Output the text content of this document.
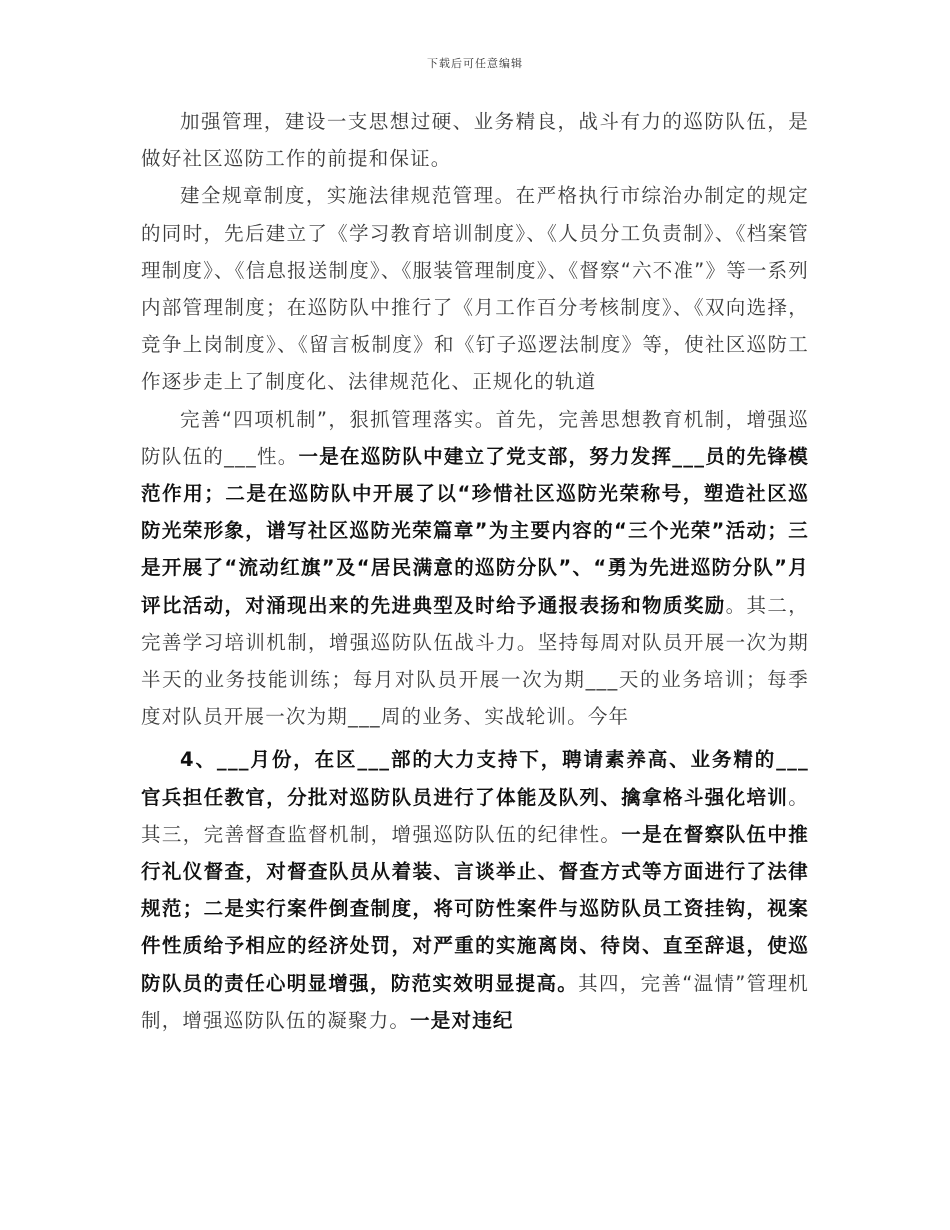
下载后可任意编辑

加强管理，建设一支思想过硬、业务精良，战斗有力的巡防队伍，是做好社区巡防工作的前提和保证。

建全规章制度，实施法律规范管理。在严格执行市综治办制定的规定的同时，先后建立了《学习教育培训制度》、《人员分工负责制》、《档案管理制度》、《信息报送制度》、《服装管理制度》、《督察“六不准”》等一系列内部管理制度；在巡防队中推行了《月工作百分考核制度》、《双向选择，竞争上岗制度》、《留言板制度》和《钉子巡逻法制度》等，使社区巡防工作逐步走上了制度化、法律规范化、正规化的轨道

完善“四项机制”，狠抓管理落实。首先，完善思想教育机制，增强巡防队伍的___性。一是在巡防队中建立了党支部，努力发挥___员的先锋模范作用；二是在巡防队中开展了以“珍惜社区巡防光荣称号，塑造社区巡防光荣形象，谱写社区巡防光荣篇章”为主要内容的“三个光荣”活动；三是开展了“流动红旗”及“居民满意的巡防分队”、“勇为先进巡防分队”月评比活动，对涌现出来的先进典型及时给予通报表扬和物质奖励。其二，完善学习培训机制，增强巡防队伍战斗力。坚持每周对队员开展一次为期半天的业务技能训练；每月对队员开展一次为期___天的业务培训；每季度对队员开展一次为期___周的业务、实战轮训。今年

4、___月份，在区___部的大力支持下，聘请素养高、业务精的___官兵担任教官，分批对巡防队员进行了体能及队列、擒拿格斗强化培训。其三，完善督查监督机制，增强巡防队伍的纪律性。一是在督察队伍中推行礼仪督查，对督查队员从着装、言谈举止、督查方式等方面进行了法律规范；二是实行案件倒查制度，将可防性案件与巡防队员工资挂钩，视案件性质给予相应的经济处罚，对严重的实施离岗、待岗、直至辞退，使巡防队员的责任心明显增强，防范实效明显提高。其四，完善“温情”管理机制，增强巡防队伍的凝聚力。一是对违纪
